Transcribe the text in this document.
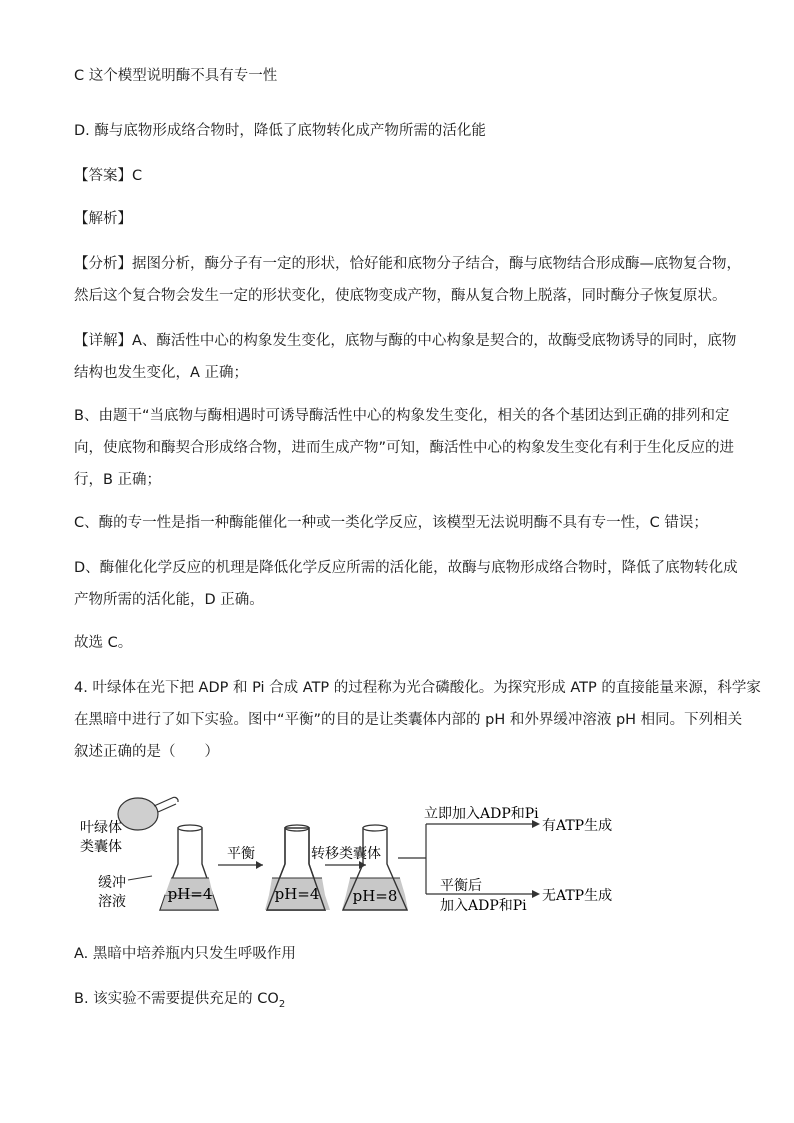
C 这个模型说明酶不具有专一性
D. 酶与底物形成络合物时，降低了底物转化成产物所需的活化能
【答案】C
【解析】
【分析】据图分析，酶分子有一定的形状，恰好能和底物分子结合，酶与底物结合形成酶—底物复合物，
然后这个复合物会发生一定的形状变化，使底物变成产物，酶从复合物上脱落，同时酶分子恢复原状。
【详解】A、酶活性中心的构象发生变化，底物与酶的中心构象是契合的，故酶受底物诱导的同时，底物
结构也发生变化，A 正确；
B、由题干“当底物与酶相遇时可诱导酶活性中心的构象发生变化，相关的各个基团达到正确的排列和定
向，使底物和酶契合形成络合物，进而生成产物”可知，酶活性中心的构象发生变化有利于生化反应的进
行，B 正确；
C、酶的专一性是指一种酶能催化一种或一类化学反应，该模型无法说明酶不具有专一性，C 错误；
D、酶催化化学反应的机理是降低化学反应所需的活化能，故酶与底物形成络合物时，降低了底物转化成
产物所需的活化能，D 正确。
故选 C。
4. 叶绿体在光下把 ADP 和 Pi 合成 ATP 的过程称为光合磷酸化。为探究形成 ATP 的直接能量来源，科学家
在黑暗中进行了如下实验。图中“平衡”的目的是让类囊体内部的 pH 和外界缓冲溶液 pH 相同。下列相关
叙述正确的是（　　）
叶绿体
类囊体
缓冲
溶液	pH=4
平衡
pH=4
转移类囊体
pH=8
立即加入ADP和Pi
有ATP生成
平衡后
加入ADP和Pi
无ATP生成
A. 黑暗中培养瓶内只发生呼吸作用
B. 该实验不需要提供充足的 $CO_2$
